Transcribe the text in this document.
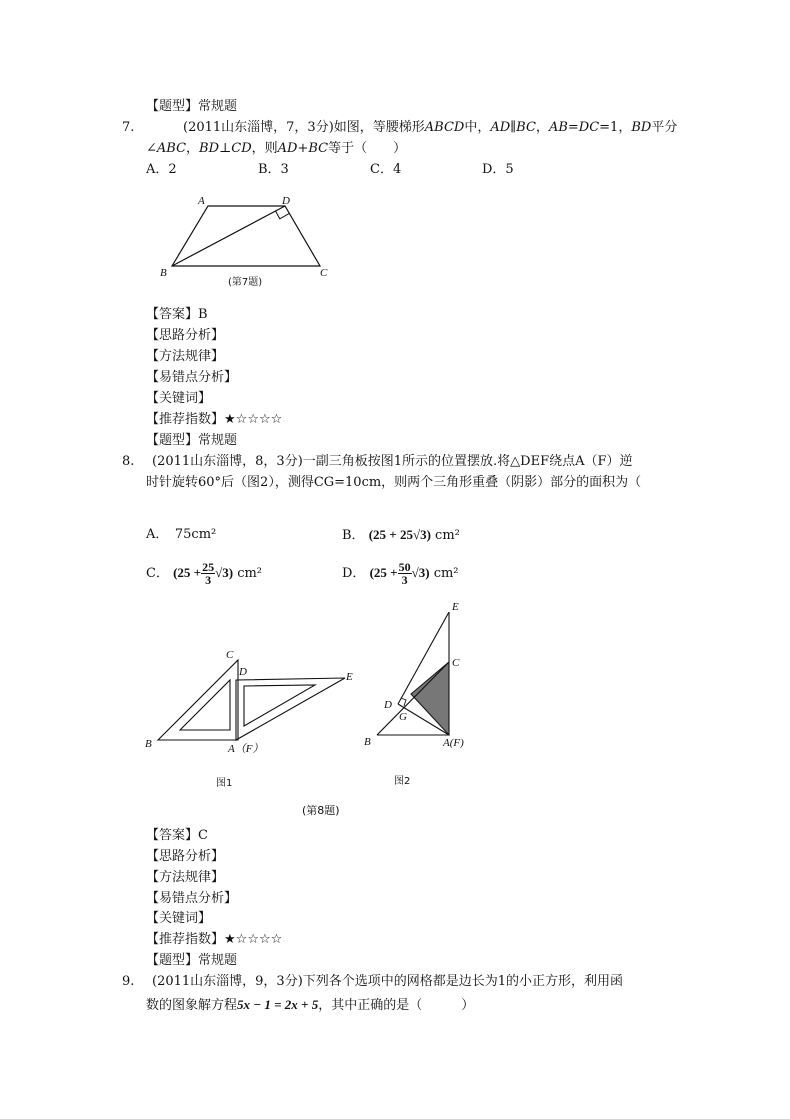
【题型】常规题
7.	(2011山东淄博，7，3分)如图，等腰梯形ABCD中，AD∥BC，AB=DC=1，BD平分
∠ABC，BD⊥CD，则AD+BC等于（　　）
A．2	B．3	C．4	D．5
A	D
B	C
(第7题)
【答案】B
【思路分析】
【方法规律】
【易错点分析】
【关键词】
【推荐指数】★☆☆☆☆
【题型】常规题
8. (2011山东淄博，8，3分)一副三角板按图1所示的位置摆放.将△DEF绕点A（F）逆
时针旋转60°后（图2），测得CG=10cm，则两个三角形重叠（阴影）部分的面积为（
A．　75cm²	B． (25 + 25√3) cm²
C． $(25 + \frac{25}{3} √3)$ cm²	D． $(25 + \frac{50}{3} √3)$ cm²
C
D	E
B	A（F）
图1
E
C
D
G
B	A(F)
图2
(第8题)
【答案】C
【思路分析】
【方法规律】
【易错点分析】
【关键词】
【推荐指数】★☆☆☆☆
【题型】常规题
9. (2011山东淄博，9，3分)下列各个选项中的网格都是边长为1的小正方形，利用函
数的图象解方程5x − 1 = 2x + 5，其中正确的是（　　　）
